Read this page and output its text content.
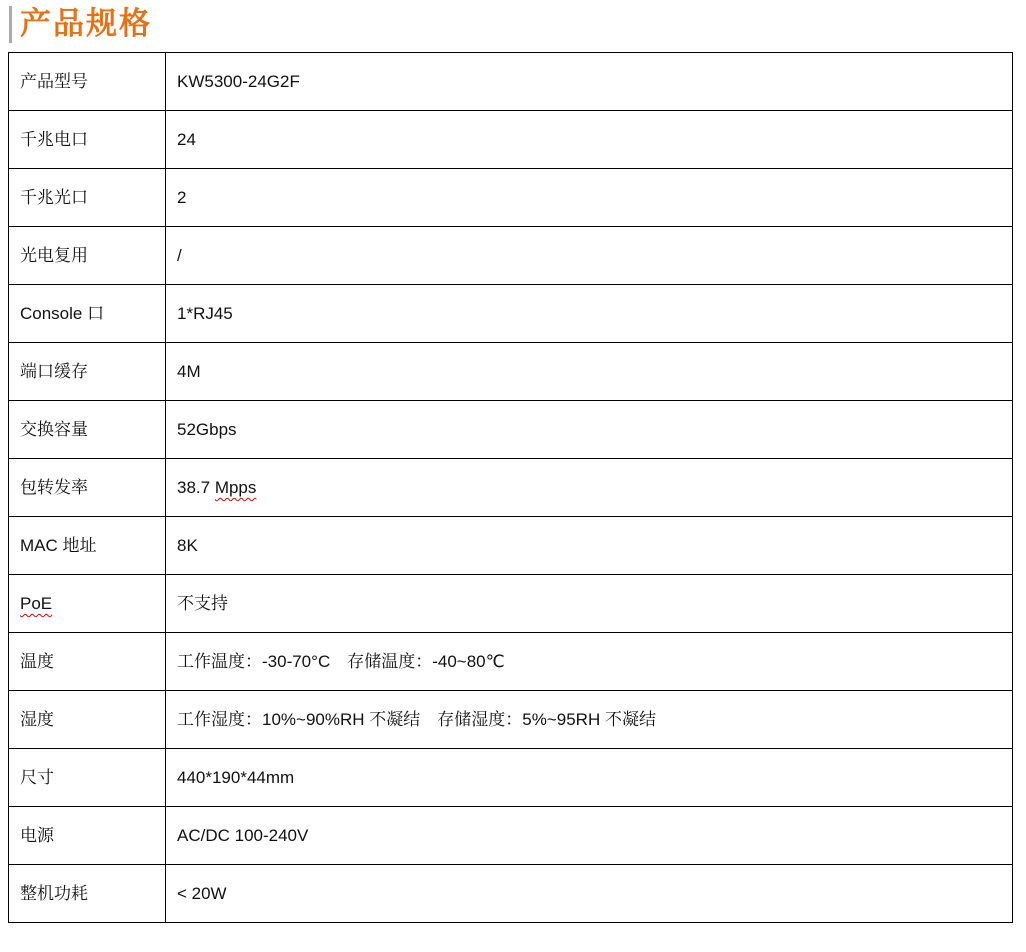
产品规格
产品型号	KW5300-24G2F
千兆电口	24
千兆光口	2
光电复用	/
Console 口	1*RJ45
端口缓存	4M
交换容量	52Gbps
包转发率	38.7 Mpps
MAC 地址	8K
PoE	不支持
温度	工作温度：-30-70°C　存储温度：-40~80℃
湿度	工作湿度：10%~90%RH 不凝结　存储湿度：5%~95RH 不凝结
尺寸	440*190*44mm
电源	AC/DC 100-240V
整机功耗	< 20W
